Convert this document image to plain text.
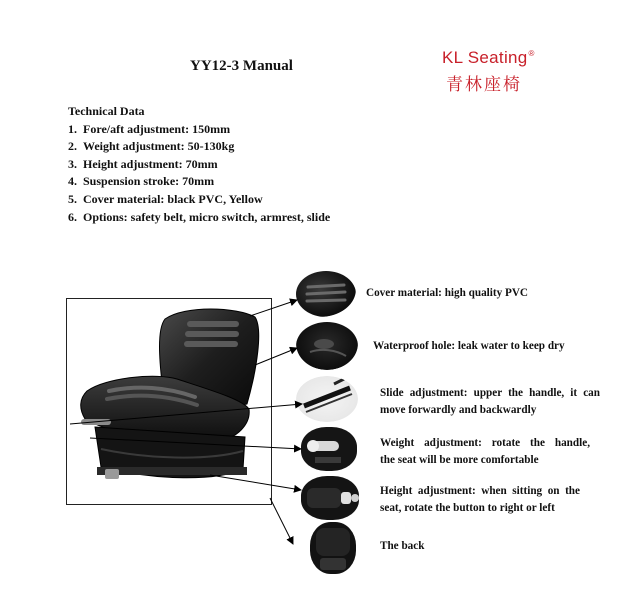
YY12-3 Manual	KL Seating®
青林座椅
Technical Data
1. Fore/aft adjustment: 150mm
2. Weight adjustment: 50-130kg
3. Height adjustment: 70mm
4. Suspension stroke: 70mm
5. Cover material: black PVC, Yellow
6. Options: safety belt, micro switch, armrest, slide
Cover material: high quality PVC
Waterproof hole: leak water to keep dry
Slide adjustment: upper the handle, it can
move forwardly and backwardly
Weight adjustment: rotate the handle,
the seat will be more comfortable
Height adjustment: when sitting on the
seat, rotate the button to right or left
The back
